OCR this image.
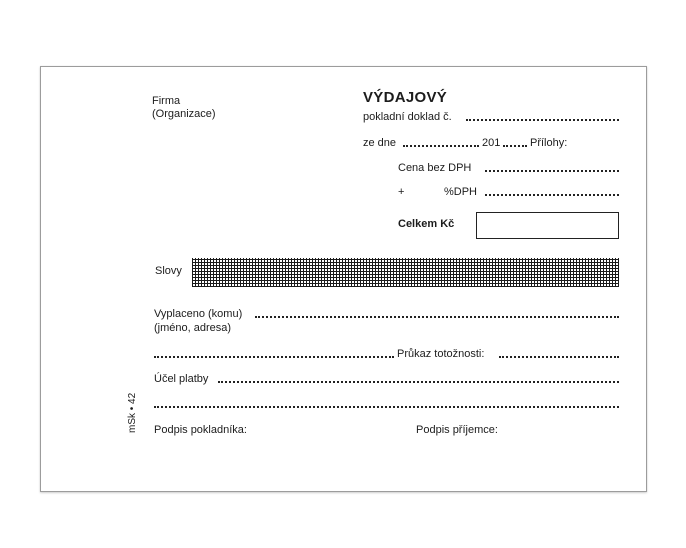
Firma
(Organizace)
VÝDAJOVÝ
pokladní doklad č.
ze dne	201	Přílohy:
Cena bez DPH
+	%DPH
Celkem Kč
Slovy
Vyplaceno (komu)
(jméno, adresa)
Průkaz totožnosti:
Účel platby
Podpis pokladníka:	Podpis příjemce:
mSk • 42
